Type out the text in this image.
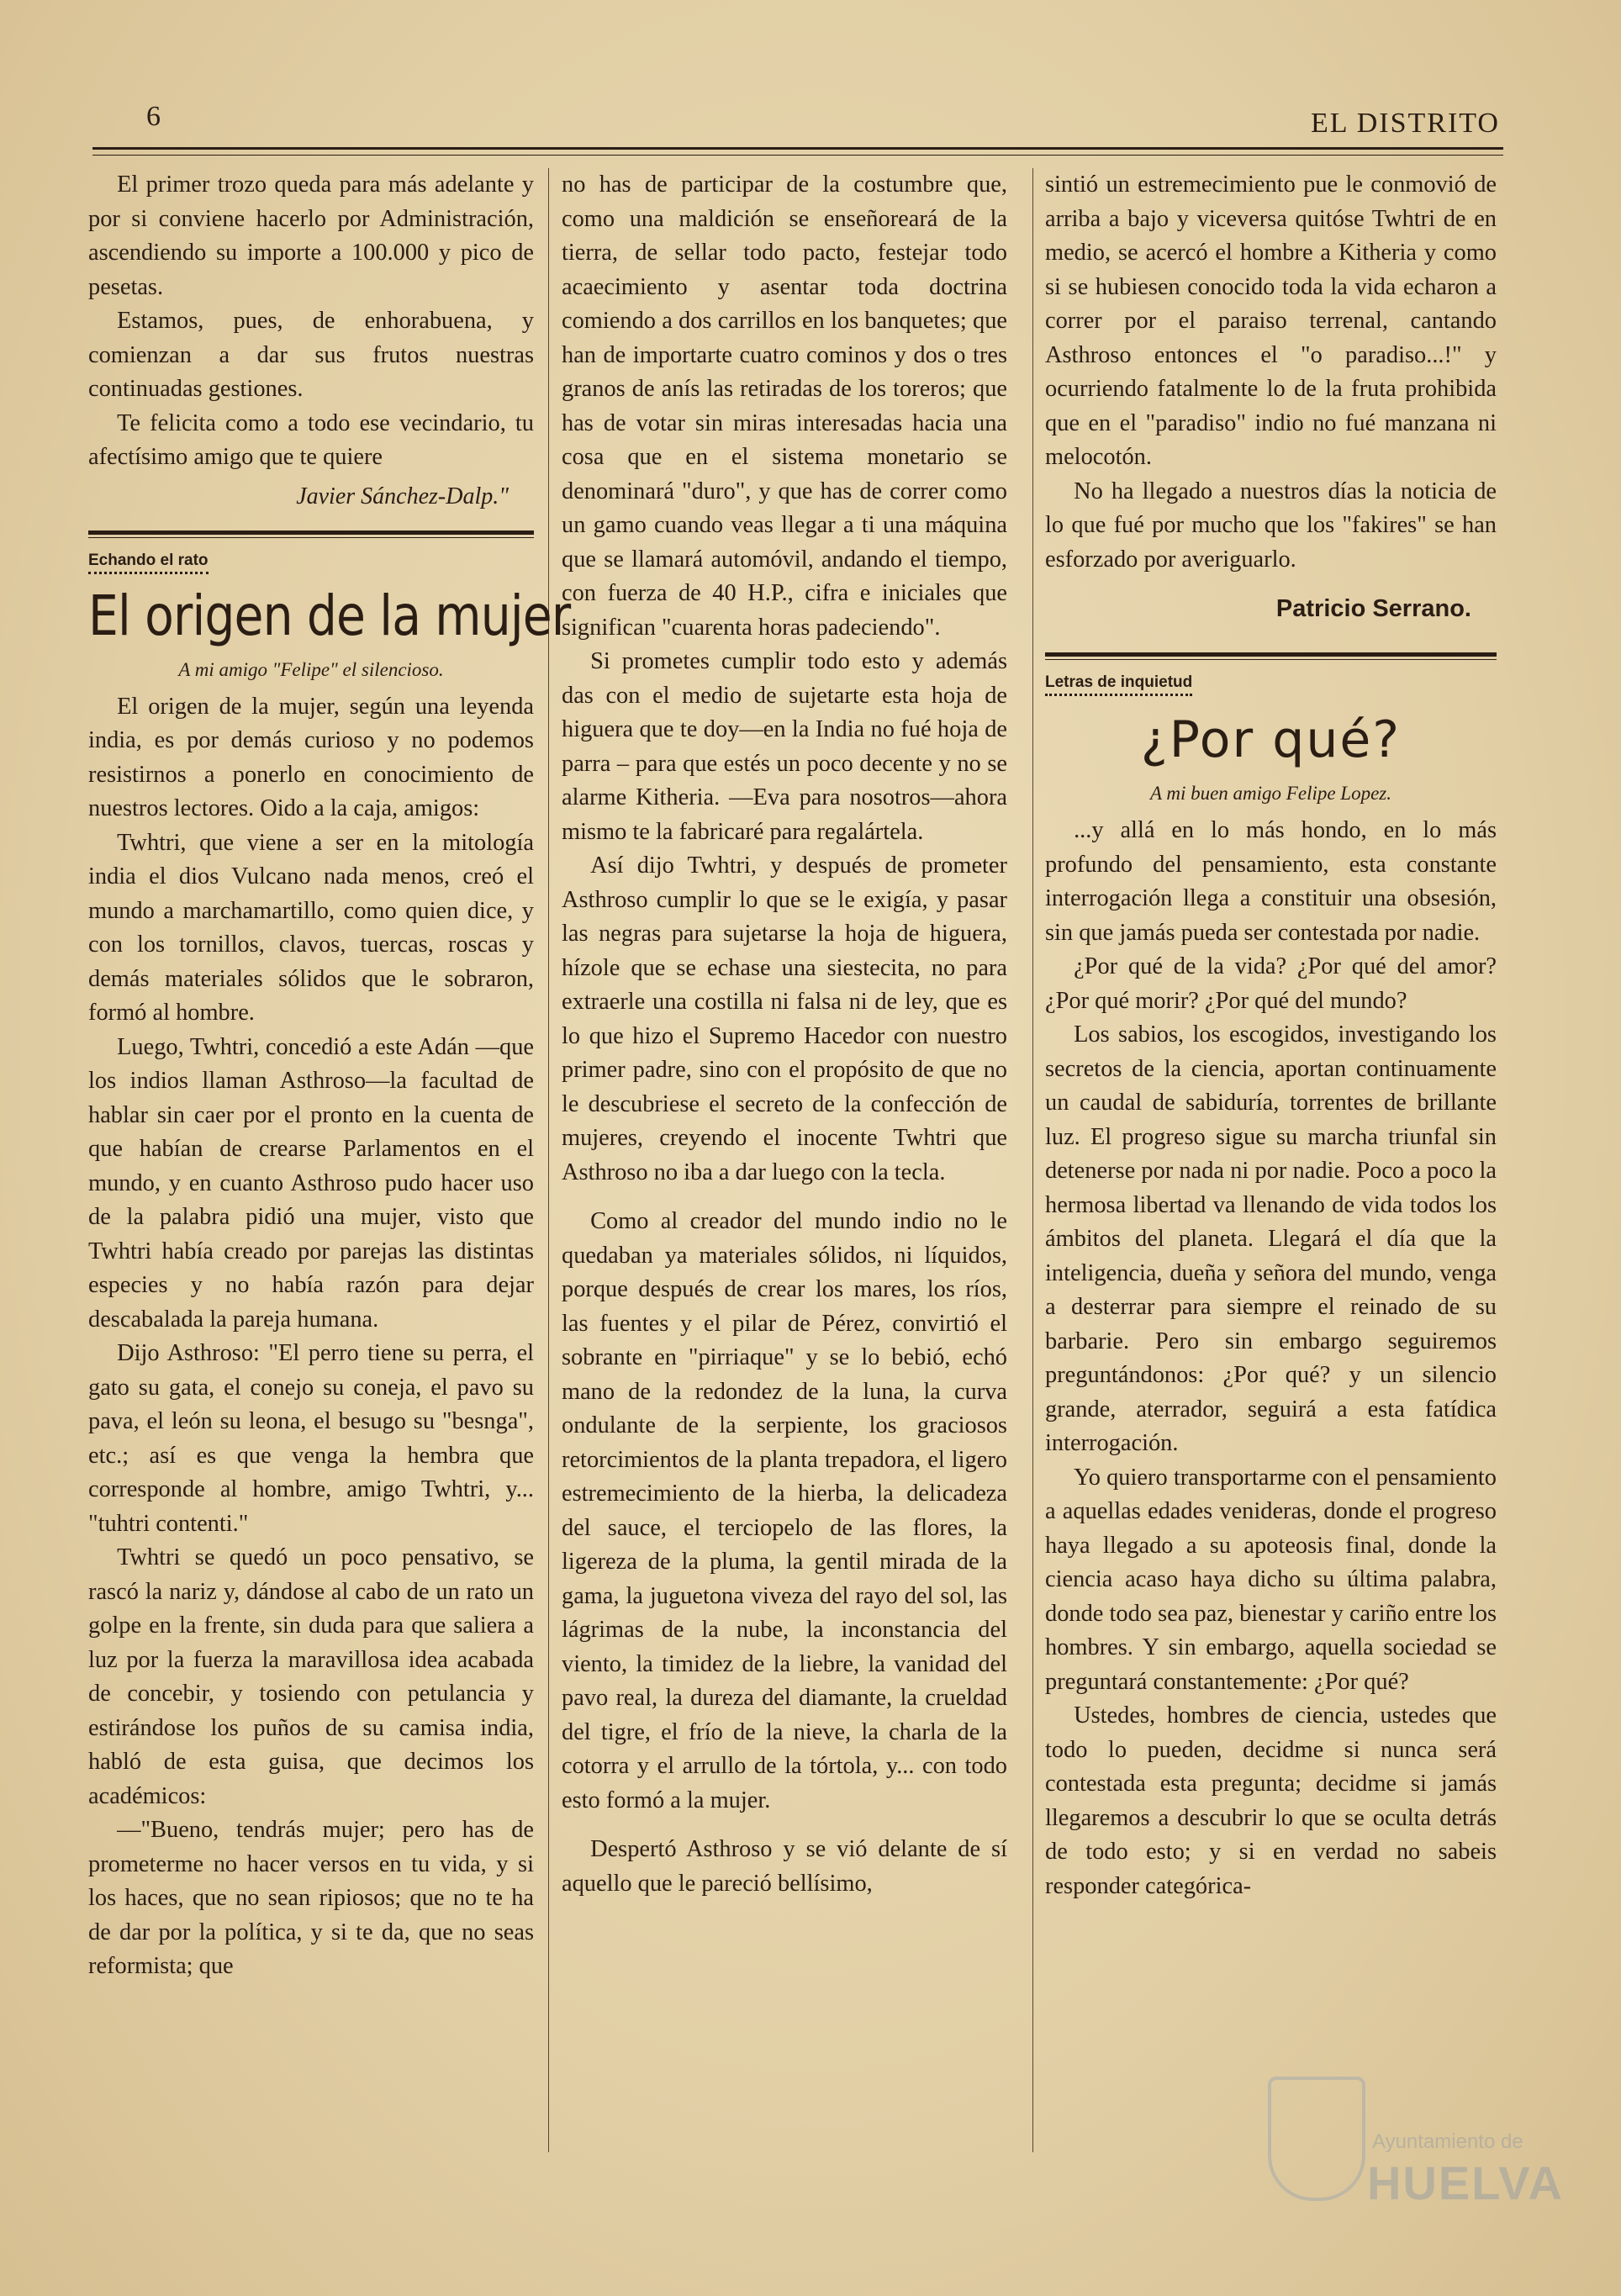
6	EL DISTRITO

El primer trozo queda para más adelante y por si conviene hacerlo por Administración, ascendiendo su importe a 100.000 y pico de pesetas.

Estamos, pues, de enhorabuena, y comienzan a dar sus frutos nuestras continuadas gestiones.

Te felicita como a todo ese vecindario, tu afectísimo amigo que te quiere

Javier Sánchez-Dalp."
Echando el rato
El origen de la mujer
A mi amigo "Felipe" el silencioso.

El origen de la mujer, según una leyenda india, es por demás curioso y no podemos resistirnos a ponerlo en conocimiento de nuestros lectores. Oido a la caja, amigos:

Twhtri, que viene a ser en la mitología india el dios Vulcano nada menos, creó el mundo a marchamartillo, como quien dice, y con los tornillos, clavos, tuercas, roscas y demás materiales sólidos que le sobraron, formó al hombre.

Luego, Twhtri, concedió a este Adán —que los indios llaman Asthroso—la facultad de hablar sin caer por el pronto en la cuenta de que habían de crearse Parlamentos en el mundo, y en cuanto Asthroso pudo hacer uso de la palabra pidió una mujer, visto que Twhtri había creado por parejas las distintas especies y no había razón para dejar descabalada la pareja humana.

Dijo Asthroso: "El perro tiene su perra, el gato su gata, el conejo su coneja, el pavo su pava, el león su leona, el besugo su "besnga", etc.; así es que venga la hembra que corresponde al hombre, amigo Twhtri, y... "tuhtri contenti."

Twhtri se quedó un poco pensativo, se rascó la nariz y, dándose al cabo de un rato un golpe en la frente, sin duda para que saliera a luz por la fuerza la maravillosa idea acabada de concebir, y tosiendo con petulancia y estirándose los puños de su camisa india, habló de esta guisa, que decimos los académicos:

—"Bueno, tendrás mujer; pero has de prometerme no hacer versos en tu vida, y si los haces, que no sean ripiosos; que no te ha de dar por la política, y si te da, que no seas reformista; que

no has de participar de la costumbre que, como una maldición se enseñoreará de la tierra, de sellar todo pacto, festejar todo acaecimiento y asentar toda doctrina comiendo a dos carrillos en los banquetes; que han de importarte cuatro cominos y dos o tres granos de anís las retiradas de los toreros; que has de votar sin miras interesadas hacia una cosa que en el sistema monetario se denominará "duro", y que has de correr como un gamo cuando veas llegar a ti una máquina que se llamará automóvil, andando el tiempo, con fuerza de 40 H.P., cifra e iniciales que significan "cuarenta horas padeciendo".

Si prometes cumplir todo esto y además das con el medio de sujetarte esta hoja de higuera que te doy—en la India no fué hoja de parra – para que estés un poco decente y no se alarme Kitheria. —Eva para nosotros—ahora mismo te la fabricaré para regalártela.

Así dijo Twhtri, y después de prometer Asthroso cumplir lo que se le exigía, y pasar las negras para sujetarse la hoja de higuera, hízole que se echase una siestecita, no para extraerle una costilla ni falsa ni de ley, que es lo que hizo el Supremo Hacedor con nuestro primer padre, sino con el propósito de que no le descubriese el secreto de la confección de mujeres, creyendo el inocente Twhtri que Asthroso no iba a dar luego con la tecla.

Como al creador del mundo indio no le quedaban ya materiales sólidos, ni líquidos, porque después de crear los mares, los ríos, las fuentes y el pilar de Pérez, convirtió el sobrante en "pirriaque" y se lo bebió, echó mano de la redondez de la luna, la curva ondulante de la serpiente, los graciosos retorcimientos de la planta trepadora, el ligero estremecimiento de la hierba, la delicadeza del sauce, el terciopelo de las flores, la ligereza de la pluma, la gentil mirada de la gama, la juguetona viveza del rayo del sol, las lágrimas de la nube, la inconstancia del viento, la timidez de la liebre, la vanidad del pavo real, la dureza del diamante, la crueldad del tigre, el frío de la nieve, la charla de la cotorra y el arrullo de la tórtola, y... con todo esto formó a la mujer.

Despertó Asthroso y se vió delante de sí aquello que le pareció bellísimo,

sintió un estremecimiento pue le conmovió de arriba a bajo y viceversa quitóse Twhtri de en medio, se acercó el hombre a Kitheria y como si se hubiesen conocido toda la vida echaron a correr por el paraiso terrenal, cantando Asthroso entonces el "o paradiso...!" y ocurriendo fatalmente lo de la fruta prohibida que en el "paradiso" indio no fué manzana ni melocotón.

No ha llegado a nuestros días la noticia de lo que fué por mucho que los "fakires" se han esforzado por averiguarlo.

Patricio Serrano.
Letras de inquietud
¿Por qué?
A mi buen amigo Felipe Lopez.

...y allá en lo más hondo, en lo más profundo del pensamiento, esta constante interrogación llega a constituir una obsesión, sin que jamás pueda ser contestada por nadie.

¿Por qué de la vida? ¿Por qué del amor? ¿Por qué morir? ¿Por qué del mundo?

Los sabios, los escogidos, investigando los secretos de la ciencia, aportan continuamente un caudal de sabiduría, torrentes de brillante luz. El progreso sigue su marcha triunfal sin detenerse por nada ni por nadie. Poco a poco la hermosa libertad va llenando de vida todos los ámbitos del planeta. Llegará el día que la inteligencia, dueña y señora del mundo, venga a desterrar para siempre el reinado de su barbarie. Pero sin embargo seguiremos preguntándonos: ¿Por qué? y un silencio grande, aterrador, seguirá a esta fatídica interrogación.

Yo quiero transportarme con el pensamiento a aquellas edades venideras, donde el progreso haya llegado a su apoteosis final, donde la ciencia acaso haya dicho su última palabra, donde todo sea paz, bienestar y cariño entre los hombres. Y sin embargo, aquella sociedad se preguntará constantemente: ¿Por qué?

Ustedes, hombres de ciencia, ustedes que todo lo pueden, decidme si nunca será contestada esta pregunta; decidme si jamás llegaremos a descubrir lo que se oculta detrás de todo esto; y si en verdad no sabeis responder categórica-

Ayuntamiento de
HUELVA
